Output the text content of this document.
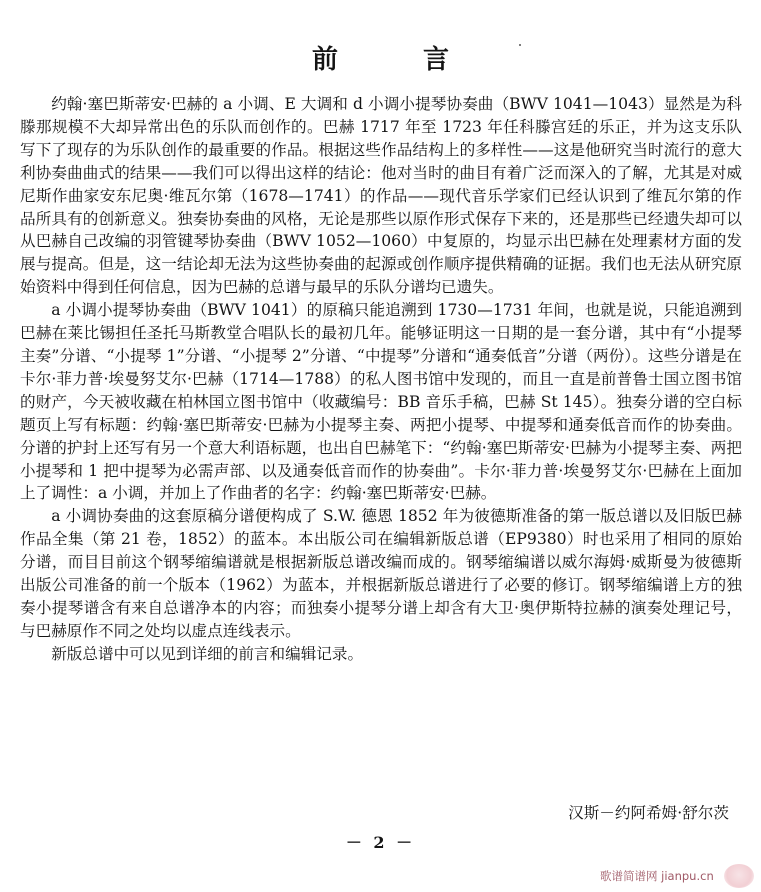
前 言

约翰·塞巴斯蒂安·巴赫的 a 小调、E 大调和 d 小调小提琴协奏曲（BWV 1041—1043）显然是为科滕那规模不大却异常出色的乐队而创作的。巴赫 1717 年至 1723 年任科滕宫廷的乐正，并为这支乐队写下了现存的为乐队创作的最重要的作品。根据这些作品结构上的多样性——这是他研究当时流行的意大利协奏曲曲式的结果——我们可以得出这样的结论：他对当时的曲目有着广泛而深入的了解，尤其是对威尼斯作曲家安东尼奥·维瓦尔第（1678—1741）的作品——现代音乐学家们已经认识到了维瓦尔第的作品所具有的创新意义。独奏协奏曲的风格，无论是那些以原作形式保存下来的，还是那些已经遗失却可以从巴赫自己改编的羽管键琴协奏曲（BWV 1052—1060）中复原的，均显示出巴赫在处理素材方面的发展与提高。但是，这一结论却无法为这些协奏曲的起源或创作顺序提供精确的证据。我们也无法从研究原始资料中得到任何信息，因为巴赫的总谱与最早的乐队分谱均已遗失。

a 小调小提琴协奏曲（BWV 1041）的原稿只能追溯到 1730—1731 年间，也就是说，只能追溯到巴赫在莱比锡担任圣托马斯教堂合唱队长的最初几年。能够证明这一日期的是一套分谱，其中有“小提琴主奏”分谱、“小提琴 1”分谱、“小提琴 2”分谱、“中提琴”分谱和“通奏低音”分谱（两份）。这些分谱是在卡尔·菲力普·埃曼努艾尔·巴赫（1714—1788）的私人图书馆中发现的，而且一直是前普鲁士国立图书馆的财产，今天被收藏在柏林国立图书馆中（收藏编号：BB 音乐手稿，巴赫 St 145）。独奏分谱的空白标题页上写有标题：约翰·塞巴斯蒂安·巴赫为小提琴主奏、两把小提琴、中提琴和通奏低音而作的协奏曲。分谱的护封上还写有另一个意大利语标题，也出自巴赫笔下：“约翰·塞巴斯蒂安·巴赫为小提琴主奏、两把小提琴和 1 把中提琴为必需声部、以及通奏低音而作的协奏曲”。卡尔·菲力普·埃曼努艾尔·巴赫在上面加上了调性：a 小调，并加上了作曲者的名字：约翰·塞巴斯蒂安·巴赫。

a 小调协奏曲的这套原稿分谱便构成了 S.W. 德恩 1852 年为彼德斯准备的第一版总谱以及旧版巴赫作品全集（第 21 卷，1852）的蓝本。本出版公司在编辑新版总谱（EP9380）时也采用了相同的原始分谱，而目目前这个钢琴缩编谱就是根据新版总谱改编而成的。钢琴缩编谱以威尔海姆·威斯曼为彼德斯出版公司准备的前一个版本（1962）为蓝本，并根据新版总谱进行了必要的修订。钢琴缩编谱上方的独奏小提琴谱含有来自总谱净本的内容；而独奏小提琴分谱上却含有大卫·奥伊斯特拉赫的演奏处理记号，与巴赫原作不同之处均以虚点连线表示。

新版总谱中可以见到详细的前言和编辑记录。

汉斯－约阿希姆·舒尔茨
－ 2 －
歌谱简谱网 jianpu.cn
